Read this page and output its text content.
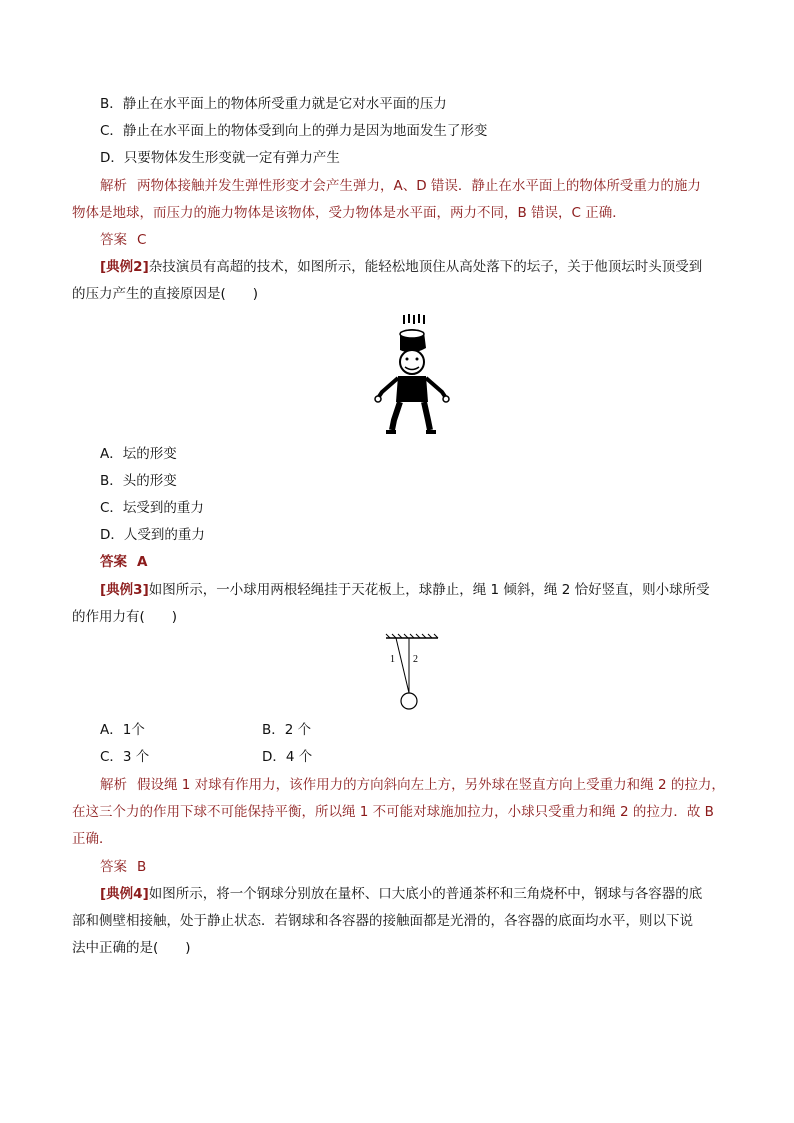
B．静止在水平面上的物体所受重力就是它对水平面的压力
C．静止在水平面上的物体受到向上的弹力是因为地面发生了形变
D．只要物体发生形变就一定有弹力产生
解析 两物体接触并发生弹性形变才会产生弹力，A、D 错误．静止在水平面上的物体所受重力的施力
物体是地球，而压力的施力物体是该物体，受力物体是水平面，两力不同，B 错误，C 正确．
答案 C
[典例2]杂技演员有高超的技术，如图所示，能轻松地顶住从高处落下的坛子，关于他顶坛时头顶受到
的压力产生的直接原因是(　　)
A．坛的形变
B．头的形变
C．坛受到的重力
D．人受到的重力
答案 A
[典例3]如图所示，一小球用两根轻绳挂于天花板上，球静止，绳 1 倾斜，绳 2 恰好竖直，则小球所受
的作用力有(　　)
1 2
A．1个	B．2 个
C．3 个	D．4 个
解析 假设绳 1 对球有作用力，该作用力的方向斜向左上方，另外球在竖直方向上受重力和绳 2 的拉力，
在这三个力的作用下球不可能保持平衡，所以绳 1 不可能对球施加拉力，小球只受重力和绳 2 的拉力．故 B
正确．
答案 B
[典例4]如图所示，将一个钢球分别放在量杯、口大底小的普通茶杯和三角烧杯中，钢球与各容器的底
部和侧壁相接触，处于静止状态．若钢球和各容器的接触面都是光滑的，各容器的底面均水平，则以下说
法中正确的是(　　)
